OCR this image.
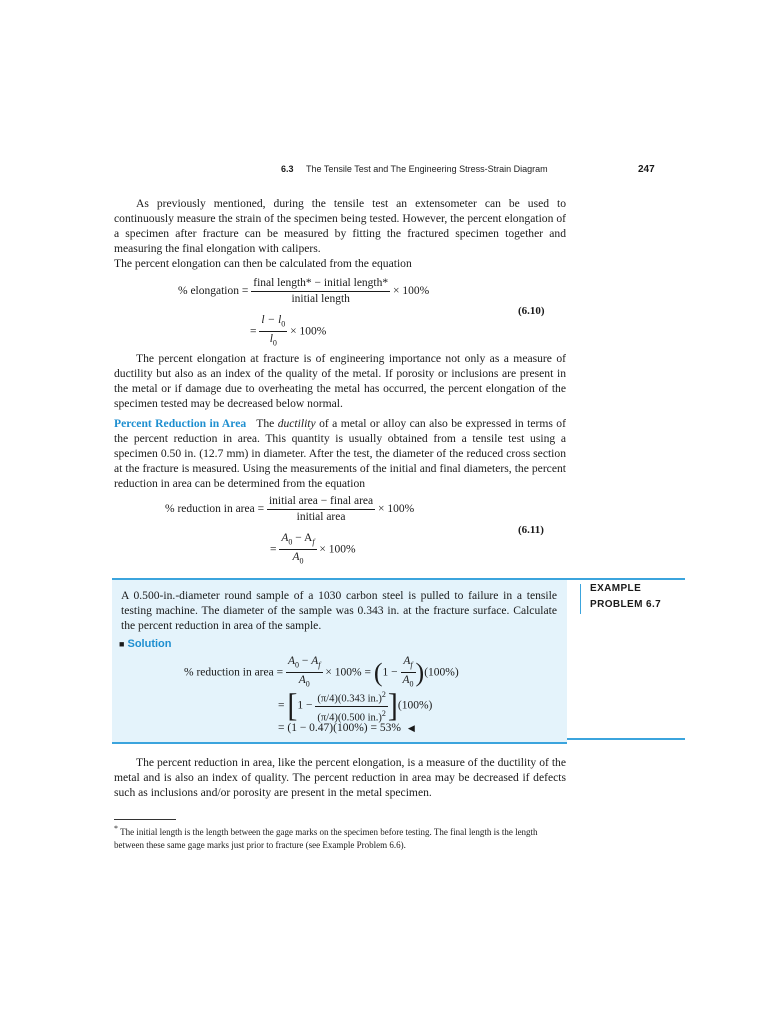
6.3 The Tensile Test and The Engineering Stress-Strain Diagram	247

As previously mentioned, during the tensile test an extensometer can be used to continuously measure the strain of the specimen being tested. However, the percent elongation of a specimen after fracture can be measured by fitting the fractured specimen together and measuring the final elongation with calipers.

The percent elongation can then be calculated from the equation

% elongation = $\frac{\text{final length* − initial length*}}{\text{initial length}} \times 100\%$
= $\frac{l - l_0}{l_0} \times 100\%$
(6.10)

The percent elongation at fracture is of engineering importance not only as a measure of ductility but also as an index of the quality of the metal. If porosity or inclusions are present in the metal or if damage due to overheating the metal has occurred, the percent elongation of the specimen tested may be decreased below normal.

Percent Reduction in Area The ductility of a metal or alloy can also be expressed in terms of the percent reduction in area. This quantity is usually obtained from a tensile test using a specimen 0.50 in. (12.7 mm) in diameter. After the test, the diameter of the reduced cross section at the fracture is measured. Using the measurements of the initial and final diameters, the percent reduction in area can be determined from the equation

% reduction in area = $\frac{\text{initial area − final area}}{\text{initial area}} \times 100\%$
= $\frac{A_0 - A_f}{A_0} \times 100\%$
(6.11)
EXAMPLE
PROBLEM 6.7

A 0.500-in.-diameter round sample of a 1030 carbon steel is pulled to failure in a tensile testing machine. The diameter of the sample was 0.343 in. at the fracture surface. Calculate the percent reduction in area of the sample.

■ Solution
% reduction in area = $\frac{A_0 - A_f}{A_0} \times 100\% = (1 - \frac{A_f}{A_0} )(100\%)$
= $[1 - \frac{(\pi/4)(0.343 in.)^2}{(\pi/4)(0.500 in.)^2} ](100\%)$
= (1 − 0.47)(100%) = 53% ◀

The percent reduction in area, like the percent elongation, is a measure of the ductility of the metal and is also an index of quality. The percent reduction in area may be decreased if defects such as inclusions and/or porosity are present in the metal specimen.

* The initial length is the length between the gage marks on the specimen before testing. The final length is the length between these same gage marks just prior to fracture (see Example Problem 6.6).
